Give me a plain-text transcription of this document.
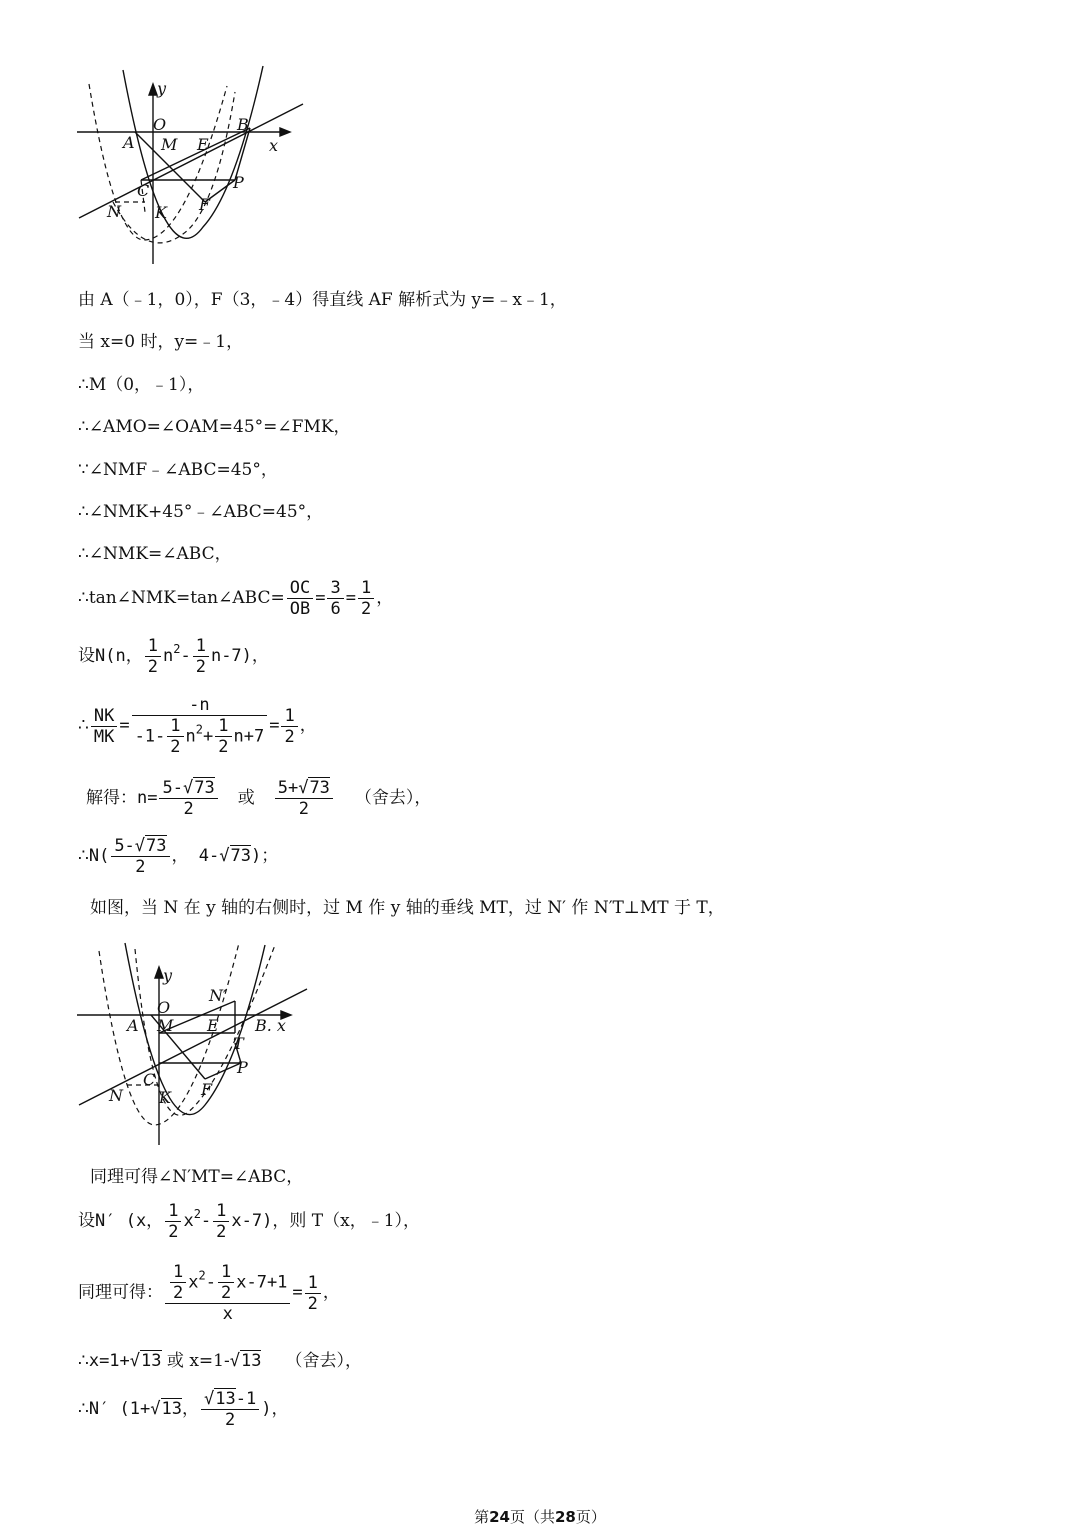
y
x
O
A M E
B
C	P
N K F
由 A（﹣1，0），F（3，﹣4）得直线 AF 解析式为 y=﹣x﹣1，
当 x=0 时，y=﹣1，
∴M（0，﹣1），
∴∠AMO=∠OAM=45°=∠FMK，
∵∠NMF﹣∠ABC=45°，
∴∠NMK+45°﹣∠ABC=45°，
∴∠NMK=∠ABC，
∴tan∠NMK=tan∠ABC= $\frac{OC}{OB} = \frac{3}{6} = \frac{1}{2}$ ，
设N(n， $\frac{1}{2} n^2- \frac{1}{2} n-7$)，
∴ $\frac{NK}{MK} = \frac{-n}{-1- \frac{1}{2} n^2+ \frac{1}{2} n+7} = \frac{1}{2}$ ，
解得：$n= \frac{5-√73}{2}$ 或 $\frac{5+√73}{2}$ （舍去），
∴N( $\frac{5-√73}{2}$ ， 4-√73)；
如图，当 N 在 y 轴的右侧时，过 M 作 y 轴的垂线 MT，过 N′ 作 N′T⊥MT 于 T，
y
B. x
O
A M E
N′
T
P
C
N K F
同理可得∠N′MT=∠ABC，
设N′ (x， $\frac{1}{2} x^2- \frac{1}{2} x-7$)，则 T（x，﹣1），
同理可得： $\frac{\frac{1}{2} x^2- \frac{1}{2} x-7+1}{x} = \frac{1}{2}$ ，
∴x=1+√13 或 x=1-√13 （舍去），
∴N′ (1+√13， $\frac{√13-1}{2}$ )，
第24页（共28页）
